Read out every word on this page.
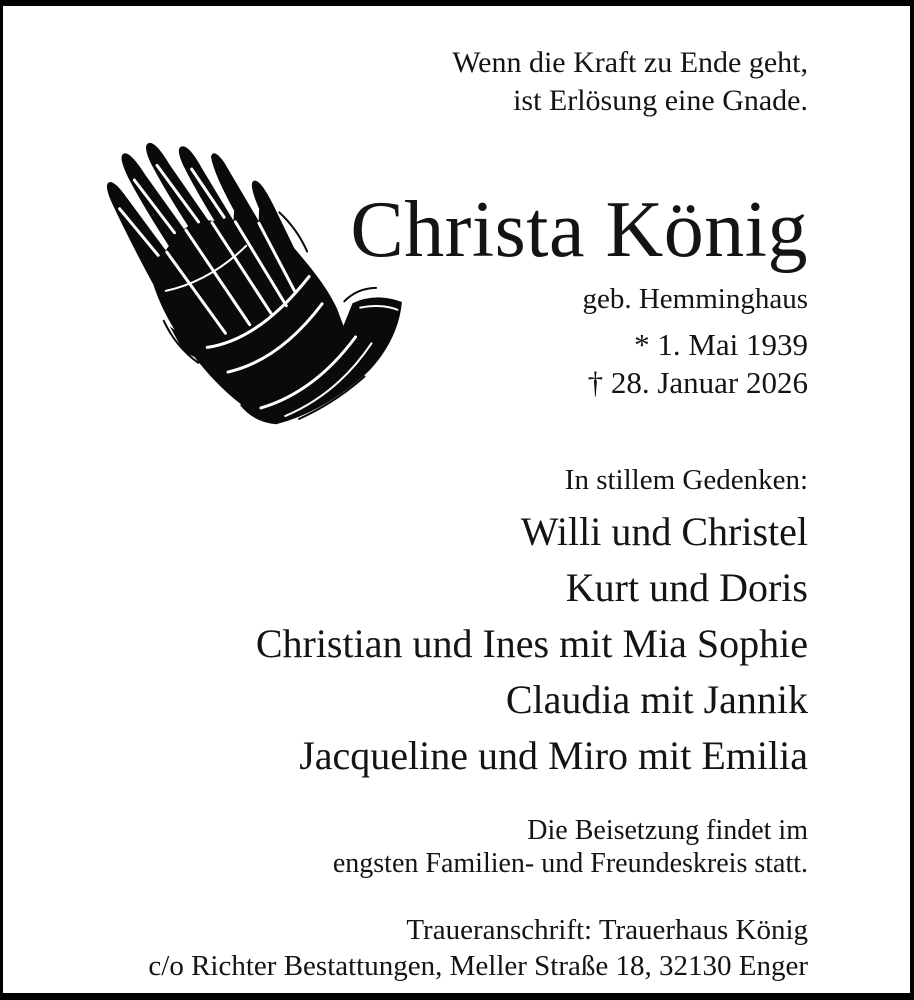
Wenn die Kraft zu Ende geht,
ist Erlösung eine Gnade.
Christa König
geb. Hemminghaus
* 1. Mai 1939
† 28. Januar 2026
In stillem Gedenken:
Willi und Christel
Kurt und Doris
Christian und Ines mit Mia Sophie
Claudia mit Jannik
Jacqueline und Miro mit Emilia
Die Beisetzung findet im
engsten Familien- und Freundeskreis statt.
Traueranschrift: Trauerhaus König
c/o Richter Bestattungen, Meller Straße 18, 32130 Enger
